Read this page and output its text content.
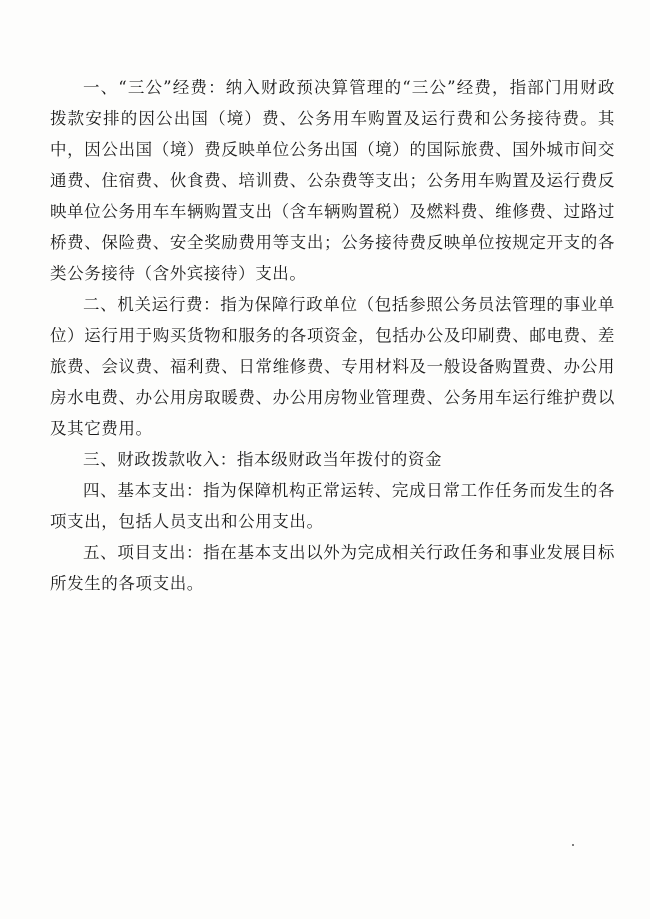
一、“三公”经费：纳入财政预决算管理的“三公”经费，指部门用财政拨款安排的因公出国（境）费、公务用车购置及运行费和公务接待费。其中，因公出国（境）费反映单位公务出国（境）的国际旅费、国外城市间交通费、住宿费、伙食费、培训费、公杂费等支出；公务用车购置及运行费反映单位公务用车车辆购置支出（含车辆购置税）及燃料费、维修费、过路过桥费、保险费、安全奖励费用等支出；公务接待费反映单位按规定开支的各类公务接待（含外宾接待）支出。

二、机关运行费：指为保障行政单位（包括参照公务员法管理的事业单位）运行用于购买货物和服务的各项资金，包括办公及印刷费、邮电费、差旅费、会议费、福利费、日常维修费、专用材料及一般设备购置费、办公用房水电费、办公用房取暖费、办公用房物业管理费、公务用车运行维护费以及其它费用。

三、财政拨款收入：指本级财政当年拨付的资金

四、基本支出：指为保障机构正常运转、完成日常工作任务而发生的各项支出，包括人员支出和公用支出。

五、项目支出：指在基本支出以外为完成相关行政任务和事业发展目标所发生的各项支出。
